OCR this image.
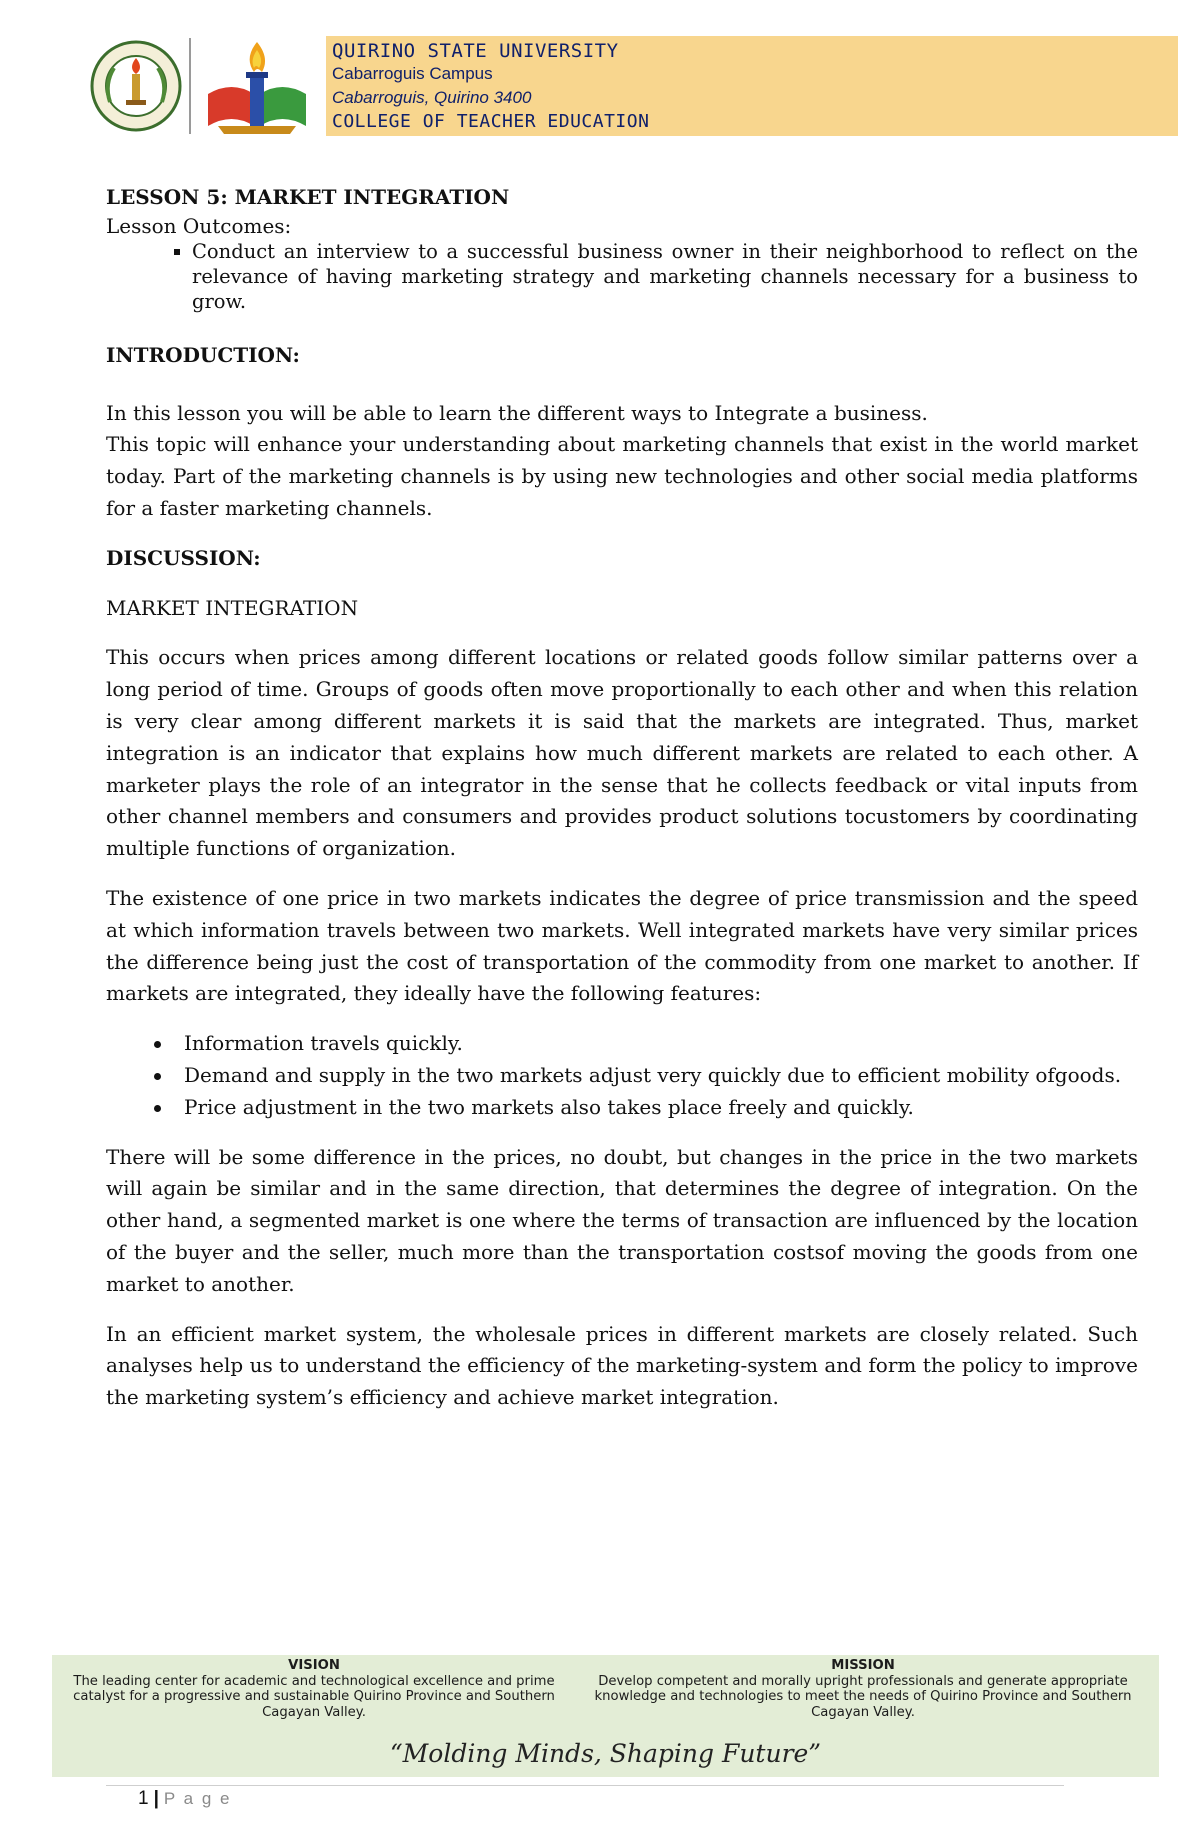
QUIRINO STATE UNIVERSITY
Cabarroguis Campus
Cabarroguis, Quirino 3400
COLLEGE OF TEACHER EDUCATION

LESSON 5: MARKET INTEGRATION

Lesson Outcomes:

Conduct an interview to a successful business owner in their neighborhood to reflect on the relevance of having marketing strategy and marketing channels necessary for a business to grow.

INTRODUCTION:

In this lesson you will be able to learn the different ways to Integrate a business.

This topic will enhance your understanding about marketing channels that exist in the world market today. Part of the marketing channels is by using new technologies and other social media platforms for a faster marketing channels.

DISCUSSION:

MARKET INTEGRATION

This occurs when prices among different locations or related goods follow similar patterns over a long period of time. Groups of goods often move proportionally to each other and when this relation is very clear among different markets it is said that the markets are integrated. Thus, market integration is an indicator that explains how much different markets are related to each other. A marketer plays the role of an integrator in the sense that he collects feedback or vital inputs from other channel members and consumers and provides product solutions tocustomers by coordinating multiple functions of organization.

The existence of one price in two markets indicates the degree of price transmission and the speed at which information travels between two markets. Well integrated markets have very similar prices the difference being just the cost of transportation of the commodity from one market to another. If markets are integrated, they ideally have the following features:

Information travels quickly.
Demand and supply in the two markets adjust very quickly due to efficient mobility ofgoods.
Price adjustment in the two markets also takes place freely and quickly.

There will be some difference in the prices, no doubt, but changes in the price in the two markets will again be similar and in the same direction, that determines the degree of integration. On the other hand, a segmented market is one where the terms of transaction are influenced by the location of the buyer and the seller, much more than the transportation costsof moving the goods from one market to another.

In an efficient market system, the wholesale prices in different markets are closely related. Such analyses help us to understand the efficiency of the marketing-system and form the policy to improve the marketing system’s efficiency and achieve market integration.

VISION
The leading center for academic and technological excellence and prime catalyst for a progressive and sustainable Quirino Province and Southern Cagayan Valley.
MISSION
Develop competent and morally upright professionals and generate appropriate knowledge and technologies to meet the needs of Quirino Province and Southern Cagayan Valley.
“Molding Minds, Shaping Future”
1 | P a g e
